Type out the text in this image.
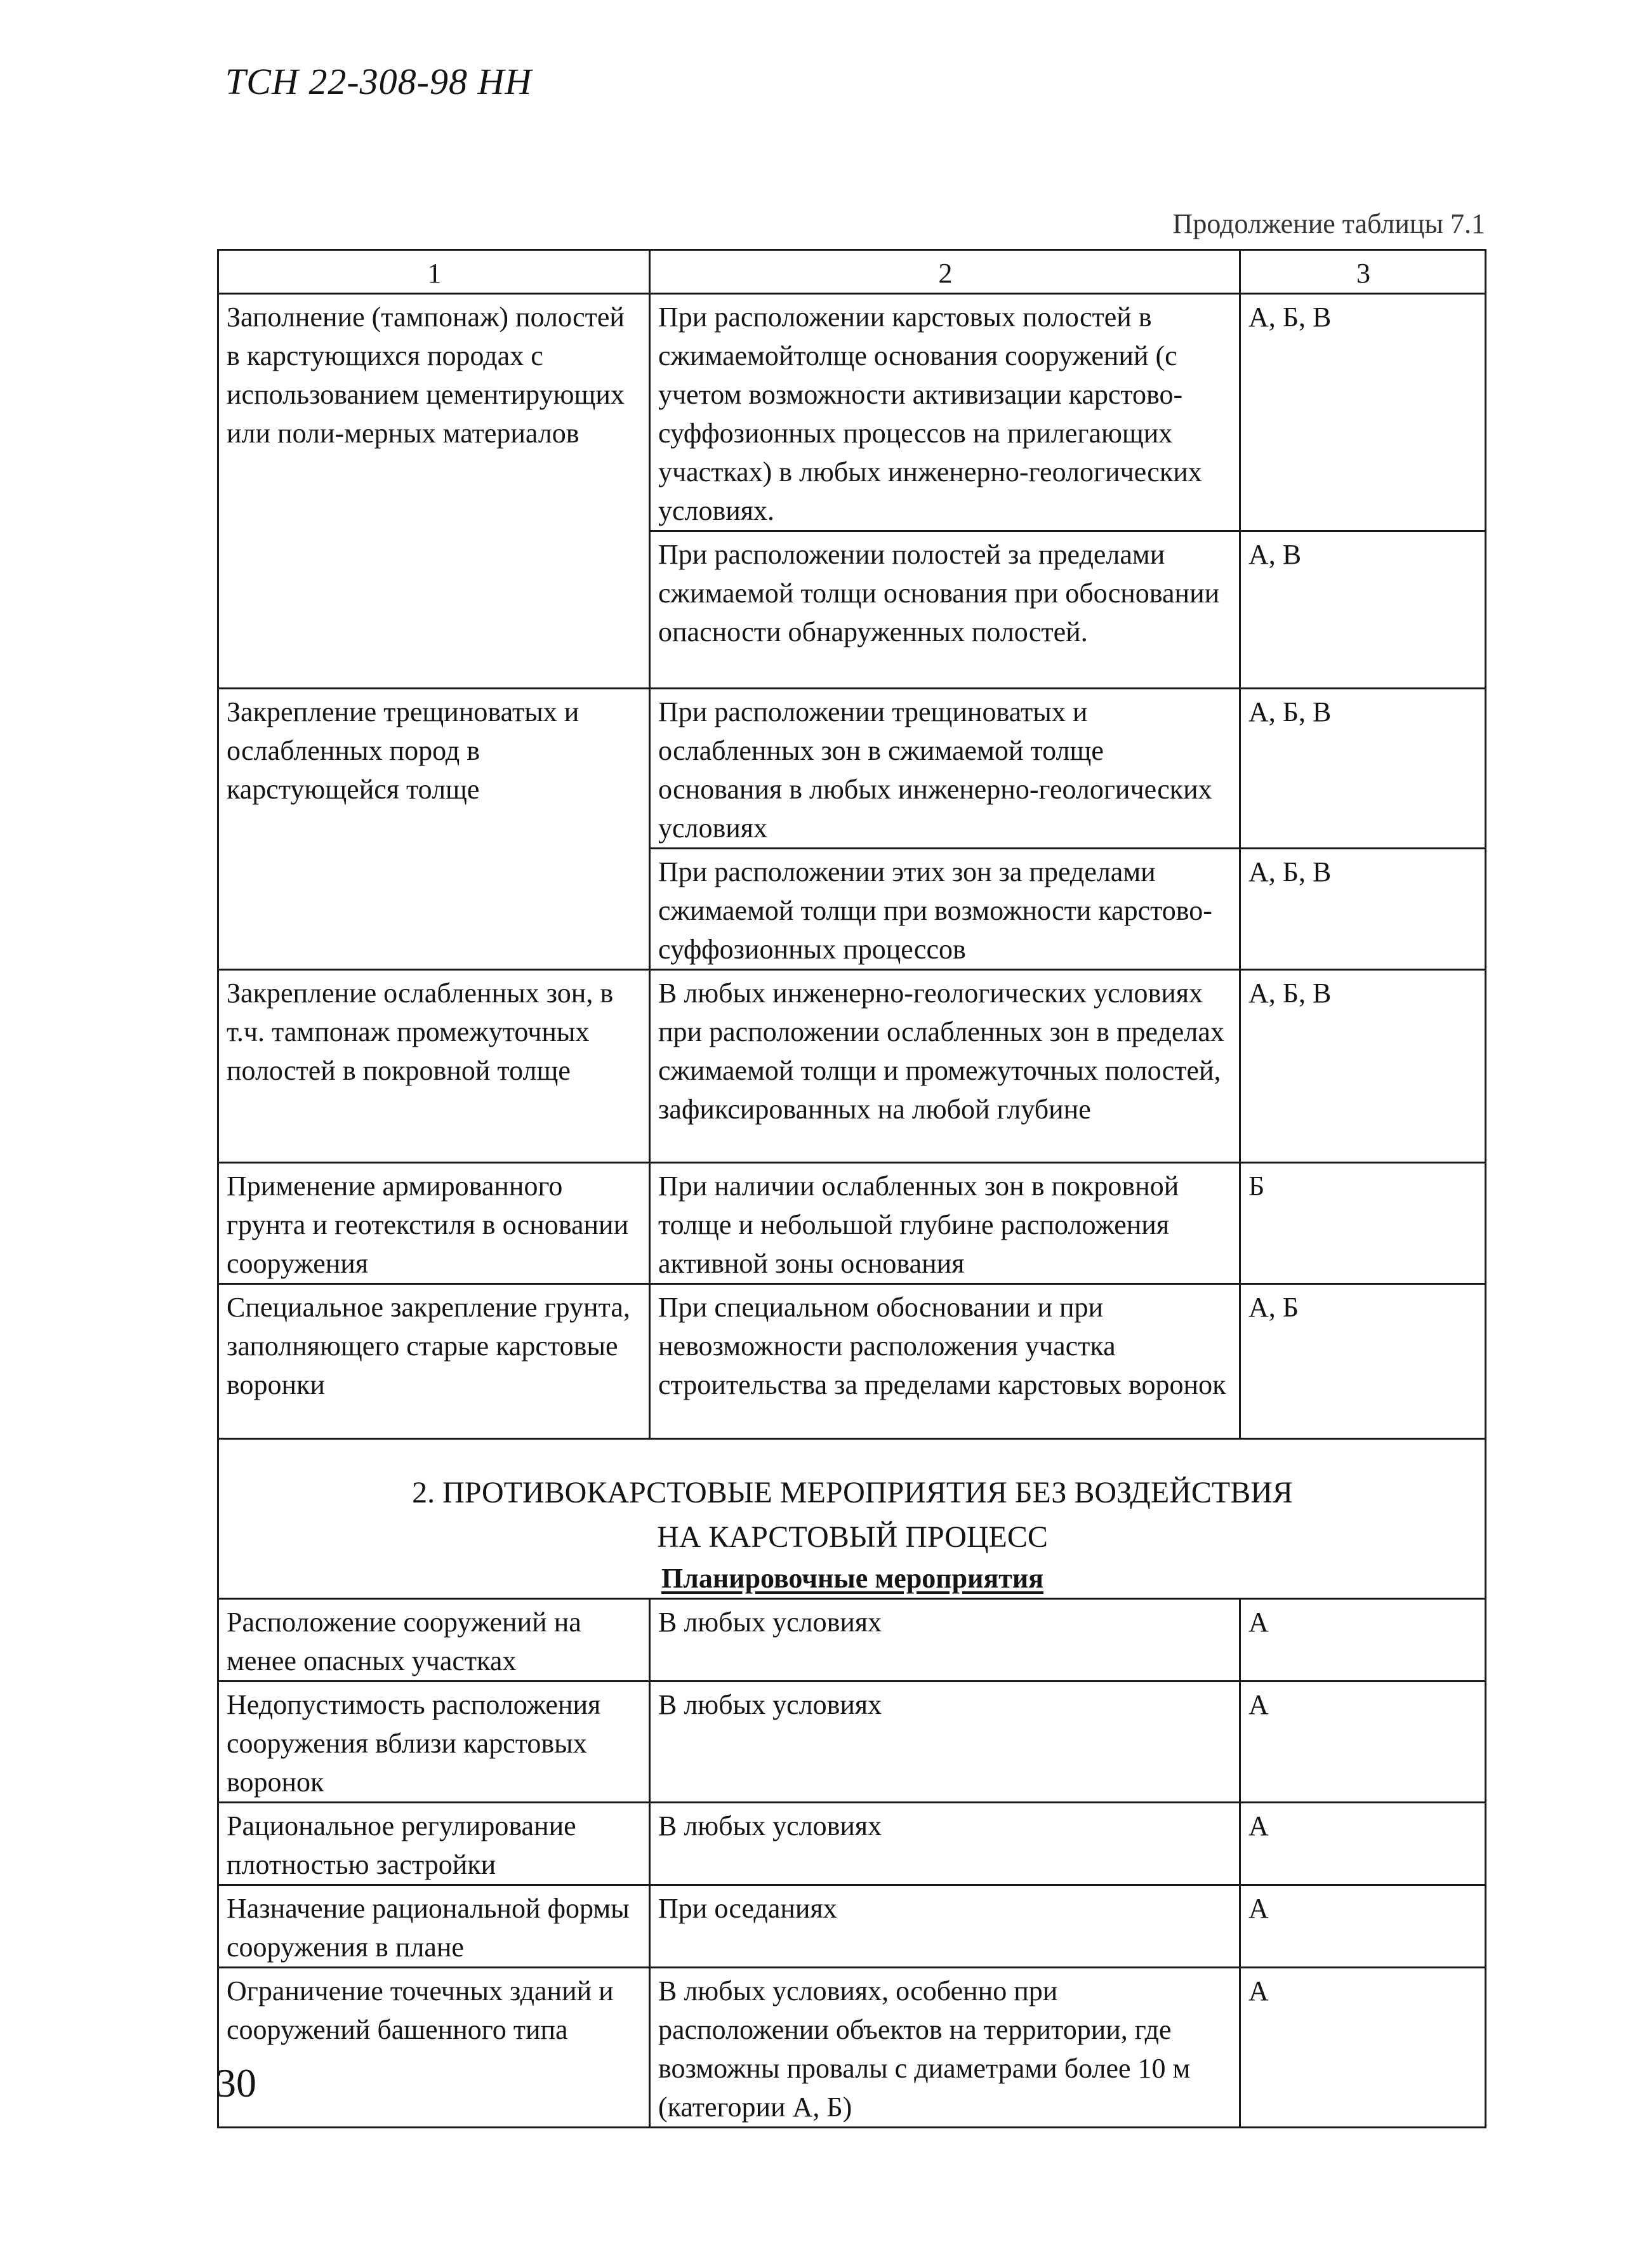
ТСН 22-308-98 НН
Продолжение таблицы 7.1
1	2	3
Заполнение (тампонаж) полостей в карстующихся породах с использованием цементирующих или поли-мерных материалов	При расположении карстовых полостей в сжимаемойтолще основания сооружений (с учетом возможности активизации карстово-суффозионных процессов на прилегающих участках) в любых инженерно-геологических условиях.	А, Б, В
	При расположении полостей за пределами сжимаемой толщи основания при обосновании опасности обнаруженных полостей.	А, В
Закрепление трещиноватых и ослабленных пород в карстующейся толще	При расположении трещиноватых и ослабленных зон в сжимаемой толще основания в любых инженерно-геологических условиях	А, Б, В
	При расположении этих зон за пределами сжимаемой толщи при возможности карстово-суффозионных процессов	А, Б, В
Закрепление ослабленных зон, в т.ч. тампонаж промежуточных полостей в покровной толще	В любых инженерно-геологических условиях при расположении ослабленных зон в пределах сжимаемой толщи и промежуточных полостей, зафиксированных на любой глубине	А, Б, В
Применение армированного грунта и геотекстиля в основании сооружения	При наличии ослабленных зон в покровной толще и небольшой глубине расположения активной зоны основания	Б
Специальное закрепление грунта, заполняющего старые карстовые воронки	При специальном обосновании и при невозможности расположения участка строительства за пределами карстовых воронок	А, Б

2. ПРОТИВОКАРСТОВЫЕ МЕРОПРИЯТИЯ БЕЗ ВОЗДЕЙСТВИЯ
НА КАРСТОВЫЙ ПРОЦЕСС
Планировочные мероприятия		

Расположение сооружений на менее опасных участках	В любых условиях	А
Недопустимость расположения сооружения вблизи карстовых воронок	В любых условиях	А
Рациональное регулирование плотностью застройки	В любых условиях	А
Назначение рациональной формы сооружения в плане	При оседаниях	А
Ограничение точечных зданий и сооружений башенного типа	В любых условиях, особенно при расположении объектов на территории, где возможны провалы с диаметрами более 10 м (категории А, Б)	А
30
